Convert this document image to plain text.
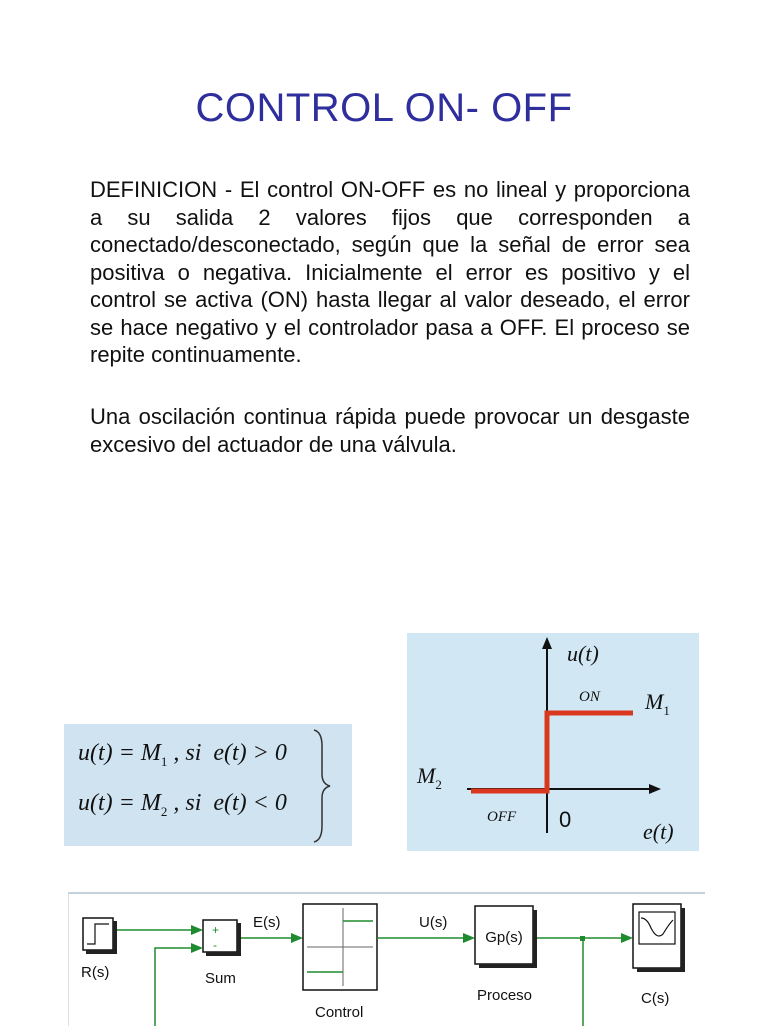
CONTROL ON- OFF

DEFINICION - El control ON-OFF es no lineal y proporciona a su salida 2 valores fijos que corresponden a conectado/desconectado, según que la señal de error sea positiva o negativa. Inicialmente el error es positivo y el control se activa (ON) hasta llegar al valor deseado, el error se hace negativo y el controlador pasa a OFF. El proceso se repite continuamente.

Una oscilación continua rápida puede provocar un desgaste excesivo del actuador de una válvula.

$u(t) = M_1$ , si  e(t) > 0
$u(t) = M_2$ , si  e(t) < 0
u(t)
ON $M_1$
$M_2$
OFF 0	e(t)
+
-	Gp(s)
R(s)	Sum
E(s)
Control
U(s)
Proceso	C(s)
